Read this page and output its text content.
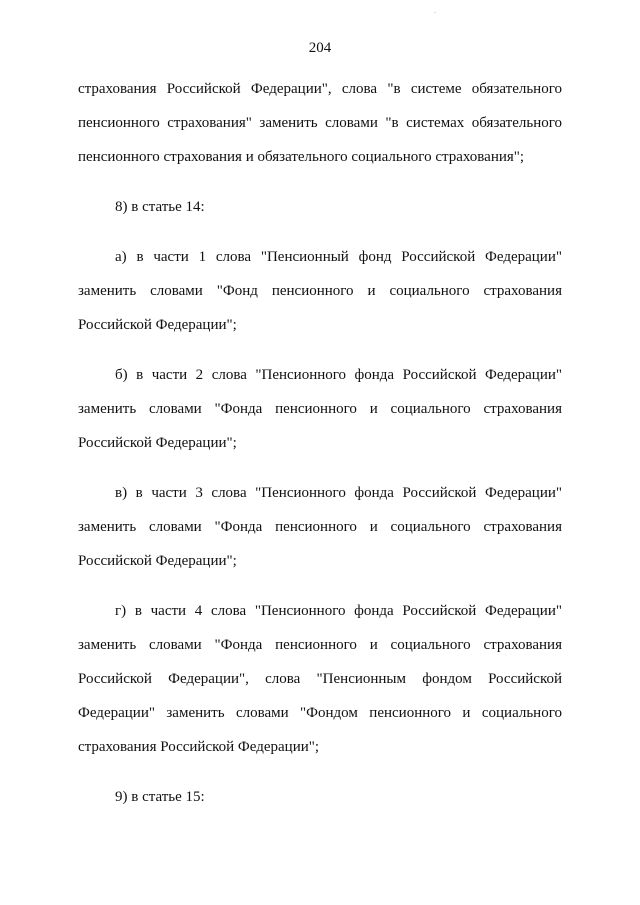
.
204

страхования Российской Федерации", слова "в системе обязательного пенсионного страхования" заменить словами "в системах обязательного пенсионного страхования и обязательного социального страхования";

8) в статье 14:

а) в части 1 слова "Пенсионный фонд Российской Федерации" заменить словами "Фонд пенсионного и социального страхования Российской Федерации";

б) в части 2 слова "Пенсионного фонда Российской Федерации" заменить словами "Фонда пенсионного и социального страхования Российской Федерации";

в) в части 3 слова "Пенсионного фонда Российской Федерации" заменить словами "Фонда пенсионного и социального страхования Российской Федерации";

г) в части 4 слова "Пенсионного фонда Российской Федерации" заменить словами "Фонда пенсионного и социального страхования Российской Федерации", слова "Пенсионным фондом Российской Федерации" заменить словами "Фондом пенсионного и социального страхования Российской Федерации";

9) в статье 15:
